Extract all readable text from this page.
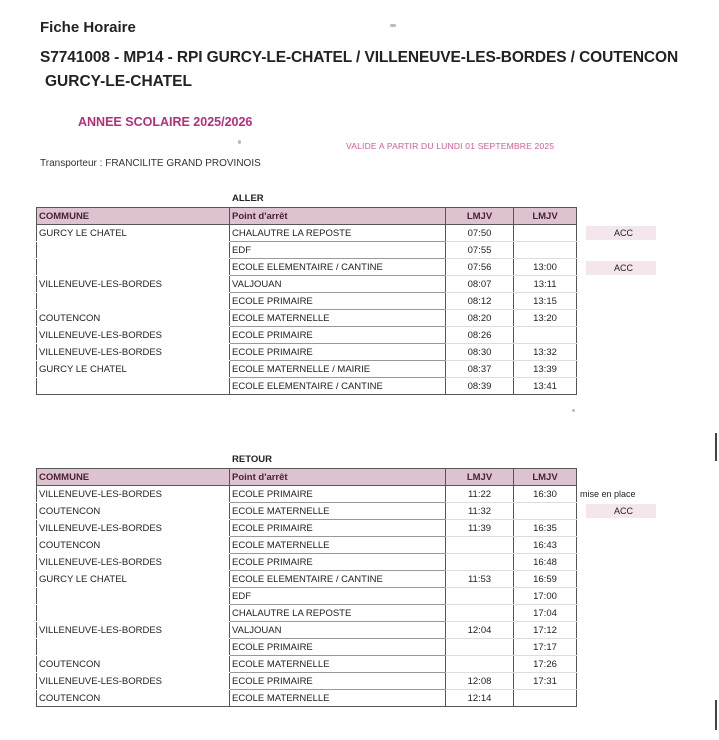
Fiche Horaire
S7741008 - MP14 - RPI GURCY-LE-CHATEL / VILLENEUVE-LES-BORDES / COUTENCON
GURCY-LE-CHATEL
ANNEE SCOLAIRE 2025/2026
VALIDE A PARTIR DU LUNDI 01 SEPTEMBRE 2025
Transporteur : FRANCILITE GRAND PROVINOIS
ALLER
COMMUNE	Point d'arrêt	LMJV	LMJV
GURCY LE CHATEL	CHALAUTRE LA REPOSTE	07:50	
	EDF	07:55	
	ECOLE ELEMENTAIRE / CANTINE	07:56	13:00
VILLENEUVE-LES-BORDES	VALJOUAN	08:07	13:11
	ECOLE PRIMAIRE	08:12	13:15
COUTENCON	ECOLE MATERNELLE	08:20	13:20
VILLENEUVE-LES-BORDES	ECOLE PRIMAIRE	08:26	
VILLENEUVE-LES-BORDES	ECOLE PRIMAIRE	08:30	13:32
GURCY LE CHATEL	ECOLE MATERNELLE / MAIRIE	08:37	13:39
	ECOLE ELEMENTAIRE / CANTINE	08:39	13:41
RETOUR
COMMUNE	Point d'arrêt	LMJV	LMJV
VILLENEUVE-LES-BORDES	ECOLE PRIMAIRE	11:22	16:30
COUTENCON	ECOLE MATERNELLE	11:32	
VILLENEUVE-LES-BORDES	ECOLE PRIMAIRE	11:39	16:35
COUTENCON	ECOLE MATERNELLE		16:43
VILLENEUVE-LES-BORDES	ECOLE PRIMAIRE		16:48
GURCY LE CHATEL	ECOLE ELEMENTAIRE / CANTINE	11:53	16:59
	EDF		17:00
	CHALAUTRE LA REPOSTE		17:04
VILLENEUVE-LES-BORDES	VALJOUAN	12:04	17:12
	ECOLE PRIMAIRE		17:17
COUTENCON	ECOLE MATERNELLE		17:26
VILLENEUVE-LES-BORDES	ECOLE PRIMAIRE	12:08	17:31
COUTENCON	ECOLE MATERNELLE	12:14	
ACC
ACC
mise en place
ACC
